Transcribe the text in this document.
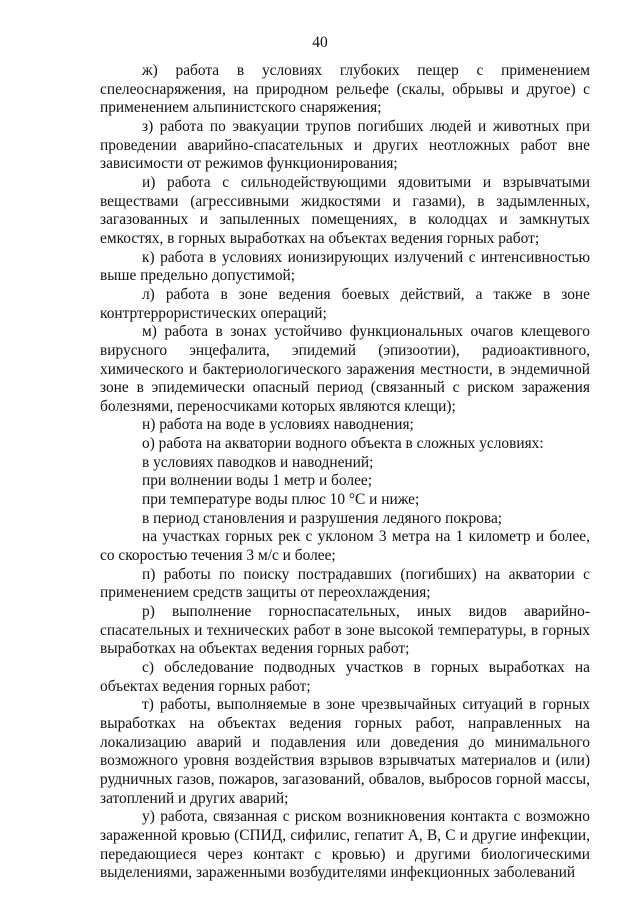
40

ж) работа в условиях глубоких пещер с применением спелеоснаряжения, на природном рельефе (скалы, обрывы и другое) с применением альпинистского снаряжения;

з) работа по эвакуации трупов погибших людей и животных при проведении аварийно-спасательных и других неотложных работ вне зависимости от режимов функционирования;

и) работа с сильнодействующими ядовитыми и взрывчатыми веществами (агрессивными жидкостями и газами), в задымленных, загазованных и запыленных помещениях, в колодцах и замкнутых емкостях, в горных выработках на объектах ведения горных работ;

к) работа в условиях ионизирующих излучений с интенсивностью выше предельно допустимой;

л) работа в зоне ведения боевых действий, а также в зоне контртеррористических операций;

м) работа в зонах устойчиво функциональных очагов клещевого вирусного энцефалита, эпидемий (эпизоотии), радиоактивного, химического и бактериологического заражения местности, в эндемичной зоне в эпидемически опасный период (связанный с риском заражения болезнями, переносчиками которых являются клещи);

н) работа на воде в условиях наводнения;

о) работа на акватории водного объекта в сложных условиях:

в условиях паводков и наводнений;

при волнении воды 1 метр и более;

при температуре воды плюс 10 °C и ниже;

в период становления и разрушения ледяного покрова;

на участках горных рек с уклоном 3 метра на 1 километр и более, со скоростью течения 3 м/с и более;

п) работы по поиску пострадавших (погибших) на акватории с применением средств защиты от переохлаждения;

р) выполнение горноспасательных, иных видов аварийно-спасательных и технических работ в зоне высокой температуры, в горных выработках на объектах ведения горных работ;

с) обследование подводных участков в горных выработках на объектах ведения горных работ;

т) работы, выполняемые в зоне чрезвычайных ситуаций в горных выработках на объектах ведения горных работ, направленных на локализацию аварий и подавления или доведения до минимального возможного уровня воздействия взрывов взрывчатых материалов и (или) рудничных газов, пожаров, загазований, обвалов, выбросов горной массы, затоплений и других аварий;

у) работа, связанная с риском возникновения контакта с возможно зараженной кровью (СПИД, сифилис, гепатит A, B, C и другие инфекции, передающиеся через контакт с кровью) и другими биологическими выделениями, зараженными возбудителями инфекционных заболеваний
